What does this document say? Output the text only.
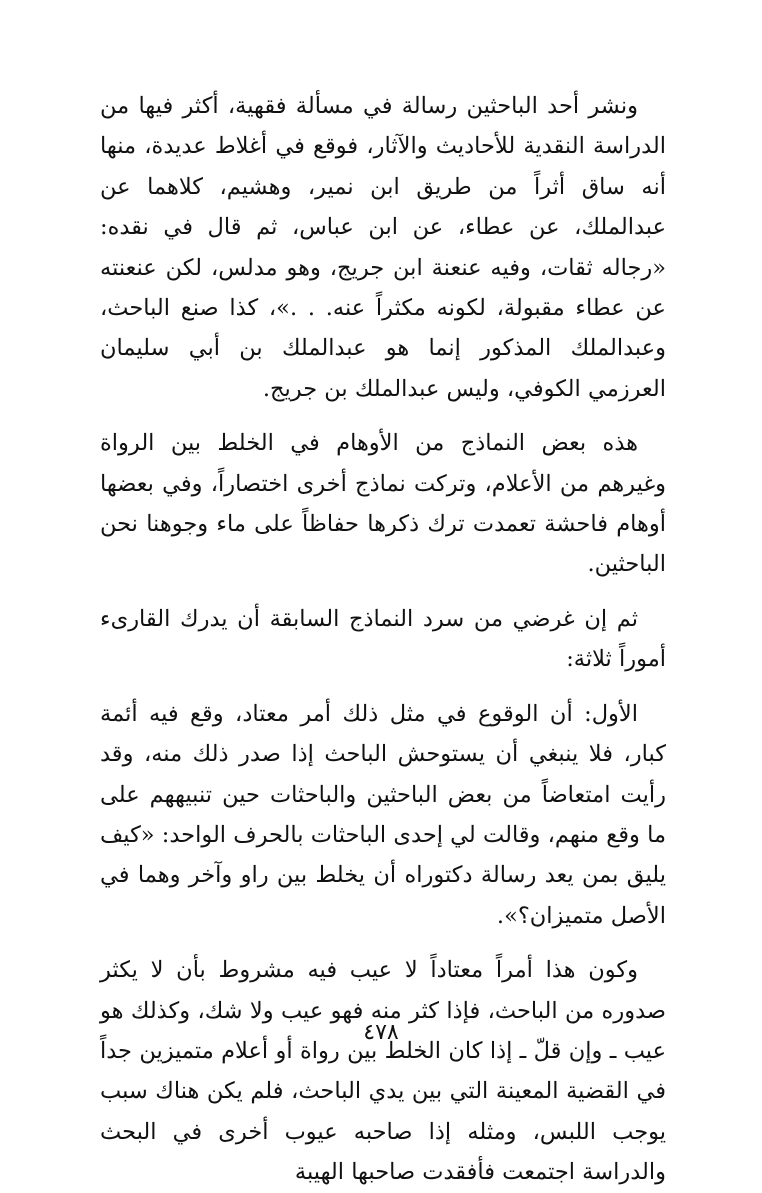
ونشر أحد الباحثين رسالة في مسألة فقهية، أكثر فيها من الدراسة النقدية للأحاديث والآثار، فوقع في أغلاط عديدة، منها أنه ساق أثراً من طريق ابن نمير، وهشيم، كلاهما عن عبدالملك، عن عطاء، عن ابن عباس، ثم قال في نقده: «رجاله ثقات، وفيه عنعنة ابن جريج، وهو مدلس، لكن عنعنته عن عطاء مقبولة، لكونه مكثراً عنه. . .»، كذا صنع الباحث، وعبدالملك المذكور إنما هو عبدالملك بن أبي سليمان العرزمي الكوفي، وليس عبدالملك بن جريج.

هذه بعض النماذج من الأوهام في الخلط بين الرواة وغيرهم من الأعلام، وتركت نماذج أخرى اختصاراً، وفي بعضها أوهام فاحشة تعمدت ترك ذكرها حفاظاً على ماء وجوهنا نحن الباحثين.

ثم إن غرضي من سرد النماذج السابقة أن يدرك القارىء أموراً ثلاثة:

الأول: أن الوقوع في مثل ذلك أمر معتاد، وقع فيه أئمة كبار، فلا ينبغي أن يستوحش الباحث إذا صدر ذلك منه، وقد رأيت امتعاضاً من بعض الباحثين والباحثات حين تنبيههم على ما وقع منهم، وقالت لي إحدى الباحثات بالحرف الواحد: «كيف يليق بمن يعد رسالة دكتوراه أن يخلط بين راو وآخر وهما في الأصل متميزان؟».

وكون هذا أمراً معتاداً لا عيب فيه مشروط بأن لا يكثر صدوره من الباحث، فإذا كثر منه فهو عيب ولا شك، وكذلك هو عيب ـ وإن قلّ ـ إذا كان الخلط بين رواة أو أعلام متميزين جداً في القضية المعينة التي بين يدي الباحث، فلم يكن هناك سبب يوجب اللبس، ومثله إذا صاحبه عيوب أخرى في البحث والدراسة اجتمعت فأفقدت صاحبها الهيبة

٤٧٨
